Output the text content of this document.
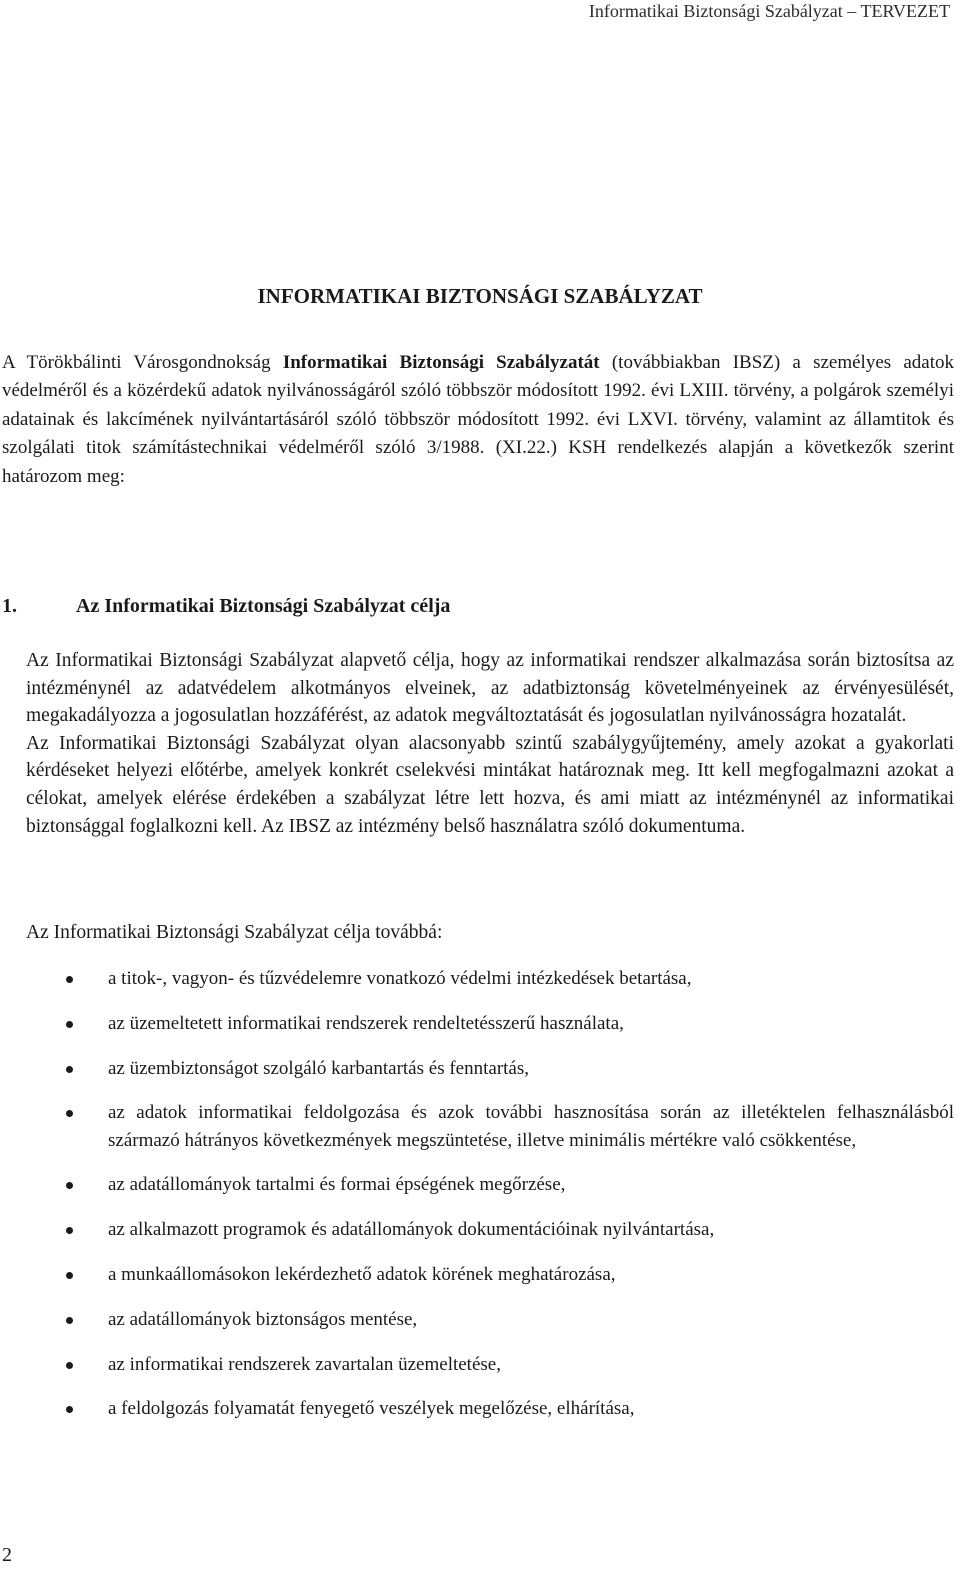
Informatikai Biztonsági Szabályzat – TERVEZET
INFORMATIKAI BIZTONSÁGI SZABÁLYZAT

A Törökbálinti Városgondnokság Informatikai Biztonsági Szabályzatát (továbbiakban IBSZ) a személyes adatok védelméről és a közérdekű adatok nyilvánosságáról szóló többször módosított 1992. évi LXIII. törvény, a polgárok személyi adatainak és lakcímének nyilvántartásáról szóló többször módosított 1992. évi LXVI. törvény, valamint az államtitok és szolgálati titok számítástechnikai védelméről szóló 3/1988. (XI.22.) KSH rendelkezés alapján a következők szerint határozom meg:

1.	Az Informatikai Biztonsági Szabályzat célja

Az Informatikai Biztonsági Szabályzat alapvető célja, hogy az informatikai rendszer alkalmazása során biztosítsa az intézménynél az adatvédelem alkotmányos elveinek, az adatbiztonság követelményeinek az érvényesülését, megakadályozza a jogosulatlan hozzáférést, az adatok megváltoztatását és jogosulatlan nyilvánosságra hozatalát.

Az Informatikai Biztonsági Szabályzat olyan alacsonyabb szintű szabálygyűjtemény, amely azokat a gyakorlati kérdéseket helyezi előtérbe, amelyek konkrét cselekvési mintákat határoznak meg. Itt kell megfogalmazni azokat a célokat, amelyek elérése érdekében a szabályzat létre lett hozva, és ami miatt az intézménynél az informatikai biztonsággal foglalkozni kell. Az IBSZ az intézmény belső használatra szóló dokumentuma.

Az Informatikai Biztonsági Szabályzat célja továbbá:

a titok-, vagyon- és tűzvédelemre vonatkozó védelmi intézkedések betartása,
az üzemeltetett informatikai rendszerek rendeltetésszerű használata,
az üzembiztonságot szolgáló karbantartás és fenntartás,
az adatok informatikai feldolgozása és azok további hasznosítása során az illetéktelen felhasználásból származó hátrányos következmények megszüntetése, illetve minimális mértékre való csökkentése,
az adatállományok tartalmi és formai épségének megőrzése,
az alkalmazott programok és adatállományok dokumentációinak nyilvántartása,
a munkaállomásokon lekérdezhető adatok körének meghatározása,
az adatállományok biztonságos mentése,
az informatikai rendszerek zavartalan üzemeltetése,
a feldolgozás folyamatát fenyegető veszélyek megelőzése, elhárítása,
2
